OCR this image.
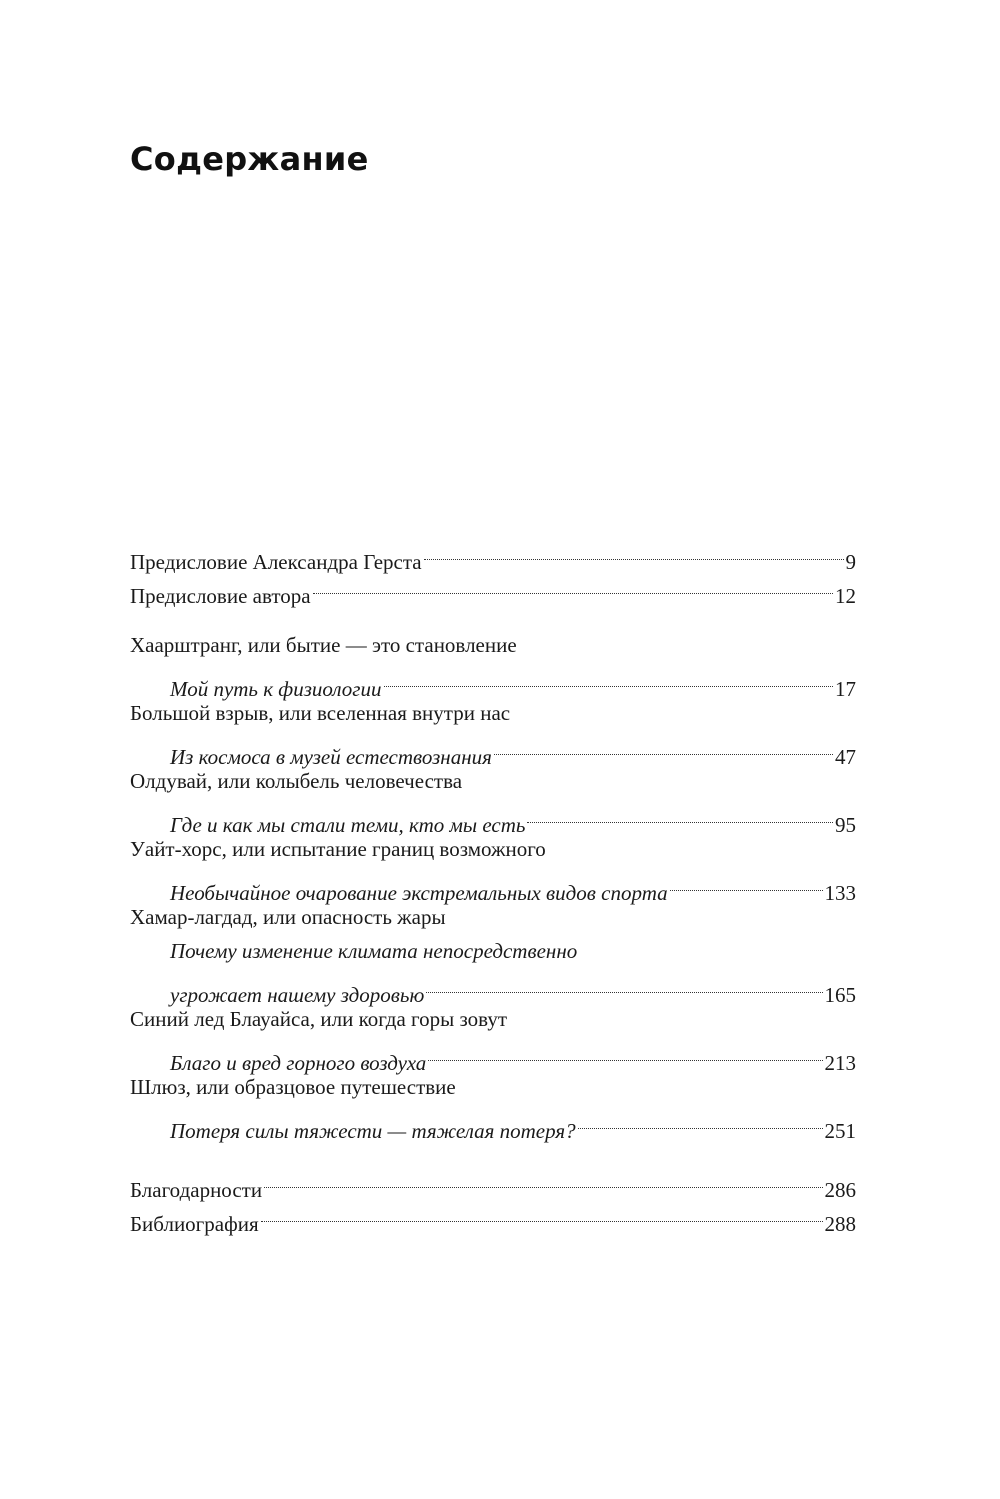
Содержание
Предисловие Александра Герста	9
Предисловие автора	12
Хаарштранг, или бытие — это становление
Мой путь к физиологии	17
Большой взрыв, или вселенная внутри нас
Из космоса в музей естествознания	47
Олдувай, или колыбель человечества
Где и как мы стали теми, кто мы есть	95
Уайт-хорс, или испытание границ возможного
Необычайное очарование экстремальных видов спорта	133
Хамар-лагдад, или опасность жары
Почему изменение климата непосредственно
угрожает нашему здоровью	165
Синий лед Блауайса, или когда горы зовут
Благо и вред горного воздуха	213
Шлюз, или образцовое путешествие
Потеря силы тяжести — тяжелая потеря?	251
Благодарности	286
Библиография	288
